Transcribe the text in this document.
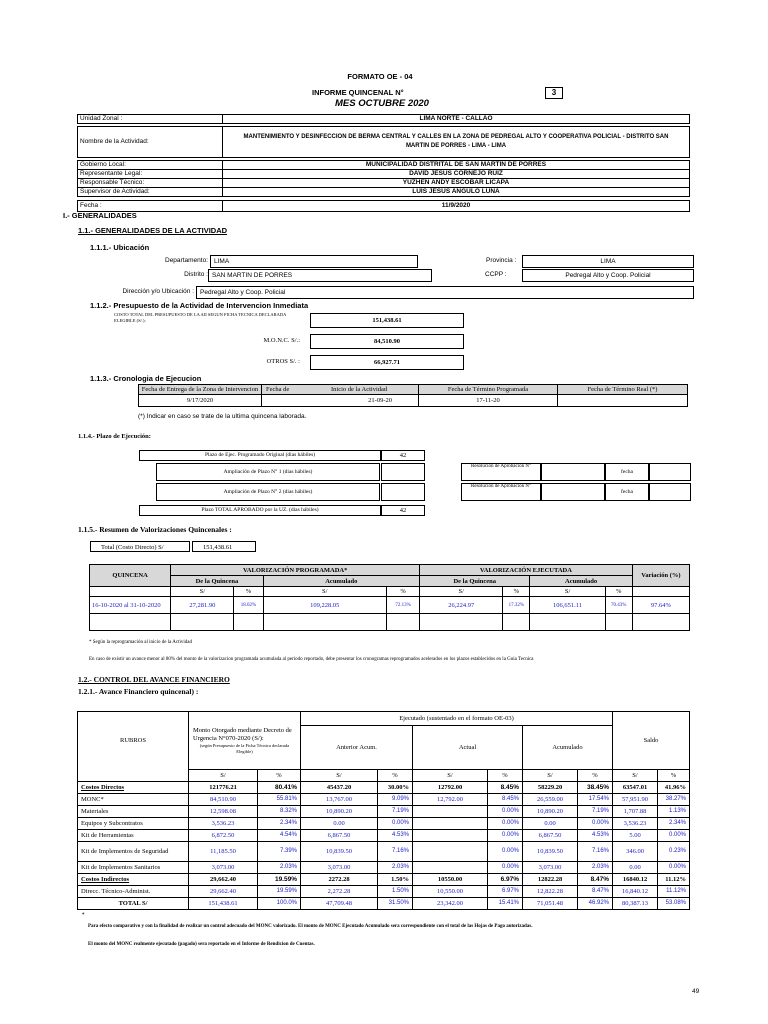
FORMATO OE - 04
INFORME QUINCENAL N°	3
MES OCTUBRE 2020
Unidad Zonal :	LIMA NORTE - CALLAO
Nombre de la Actividad:	MANTENIMIENTO Y DESINFECCION DE BERMA CENTRAL Y CALLES EN LA ZONA DE PEDREGAL ALTO Y COOPERATIVA POLICIAL - DISTRITO SAN MARTIN DE PORRES - LIMA - LIMA
Gobierno Local:	MUNICIPALIDAD DISTRITAL DE SAN MARTIN DE PORRES
Representante Legal:	DAVID JESUS CORNEJO RUIZ
Responsable Técnico:	YUZHEN ANDY ESCOBAR LICAPA
Supervisor de Actividad:	LUIS JESUS ANGULO LUNA
Fecha :	11/9/2020
I.- GENERALIDADES
1.1.- GENERALIDADES DE LA ACTIVIDAD
1.1.1.- Ubicación
Departamento: LIMA	Provincia :	LIMA
Distrito : SAN MARTIN DE PORRES	CCPP :	Pedregal Alto y Coop. Policial
Dirección y/o Ubicación : Pedregal Alto y Coop. Policial
1.1.2.- Presupuesto de la Actividad de Intervencion Inmediata
COSTO TOTAL DEL PRESUPUESTO DE LA AII SEGUN FICHA TECNICA DECLARADA ELEGIBLE (S/.):	151,438.61
M.O.N.C. S/.:	84,510.90
OTROS S/. :	66,927.71
1.1.3.- Cronologia de Ejecucion
Fecha de Entrega de la Zona de Intervencion	Fecha de	Inicio de la Actividad	Fecha de Término Programada	Fecha de Término Real (*)
9/17/2020	21-09-20		17-11-20	
(*) Indicar en caso se trate de la ultima quincena laborada.
1.1.4.- Plazo de Ejecución:
Plazo de Ejec. Programado Original (dias hábiles)	42
Ampliación de Plazo N° 1 (dias hábiles)
Resolucion de Aprobacion N°
fecha
Ampliación de Plazo N° 2 (dias hábiles)
Resolucion de Aprobacion N°
fecha
Plazo TOTAL APROBADO por la UZ. (dias hábiles)	42
1.1.5.- Resumen de Valorizaciones Quincenales :
Total (Costo Directo) S/	151,438.61
QUINCENA	VALORIZACIÓN PROGRAMADA*				VALORIZACIÓN EJECUTADA				Variación (%)
	De la Quincena		Acumulado		De la Quincena		Acumulado		
	S/	%	S/	%	S/	%	S/	%	
16-10-2020 al 31-10-2020	27,281.90	18.02%	109,228.05	72.13%	26,224.97	17.32%	106,651.11	70.43%	97.64%

* Según la reprogramación al inicio de la Actividad
En caso de existir un avance menor al 80% del monto de la valorizacion programada acumulada al periodo reportado, debe presentar los cronogramas reprogramados acelerados en los plazos establecidos en la Guia Tecnica
1.2.- CONTROL DEL AVANCE FINANCIERO
1.2.1.- Avance Financiero quincenal) :
RUBROS	Monto Otorgado mediante Decreto de Urgencia N°070-2020 (S/):
(según Presupuesto de la Ficha Técnica declarada Elegible)		Ejecutado (sustentado en el formato OE-03)						Saldo	
			Anterior Acum.		Actual		Acumulado			
	S/	%	S/	%	S/	%	S/	%	S/	%
Costos Directos	121776.21	80.41%	45437.20	30.00%	12792.00	8.45%	58229.20	38.45%	63547.01	41.96%
MONC*	84,510.90	55.81%	13,767.00	9.09%	12,792.00	8.45%	26,559.00	17.54%	57,951.90	38.27%
Materiales	12,598.08	8.32%	10,890.20	7.19%		0.00%	10,890.20	7.19%	1,707.88	1.13%
Equipos y Subcontratos	3,536.23	2.34%	0.00	0.00%		0.00%	0.00	0.00%	3,536.23	2.34%
Kit de Herramientas	6,872.50	4.54%	6,867.50	4.53%		0.00%	6,867.50	4.53%	5.00	0.00%
Kit de Implementos de Seguridad	11,185.50	7.39%	10,839.50	7.16%		0.00%	10,839.50	7.16%	346.00	0.23%
Kit de Implementos Sanitarios	3,073.00	2.03%	3,073.00	2.03%		0.00%	3,073.00	2.03%	0.00	0.00%
Costos Indirectos	29,662.40	19.59%	2272.28	1.50%	10550.00	6.97%	12822.28	8.47%	16840.12	11.12%
Direcc. Técnico-Administ.	29,662.40	19.59%	2,272.28	1.50%	10,550.00	6.97%	12,822.28	8.47%	16,840.12	11.12%
TOTAL S/	151,438.61	100.0%	47,709.48	31.50%	23,342.00	15.41%	71,051.48	46.92%	80,387.13	53.08%
*
Para efecto comparativo y con la finalidad de realizar un control adecuado del MONC valorizado. El monto de MONC Ejecutado Acumulado sera correspondiente con el total de las Hojas de Pago autorizadas.
El monto del MONC realmente ejecutado (pagado) sera reportado en el Informe de Rendicion de Cuentas.
49
